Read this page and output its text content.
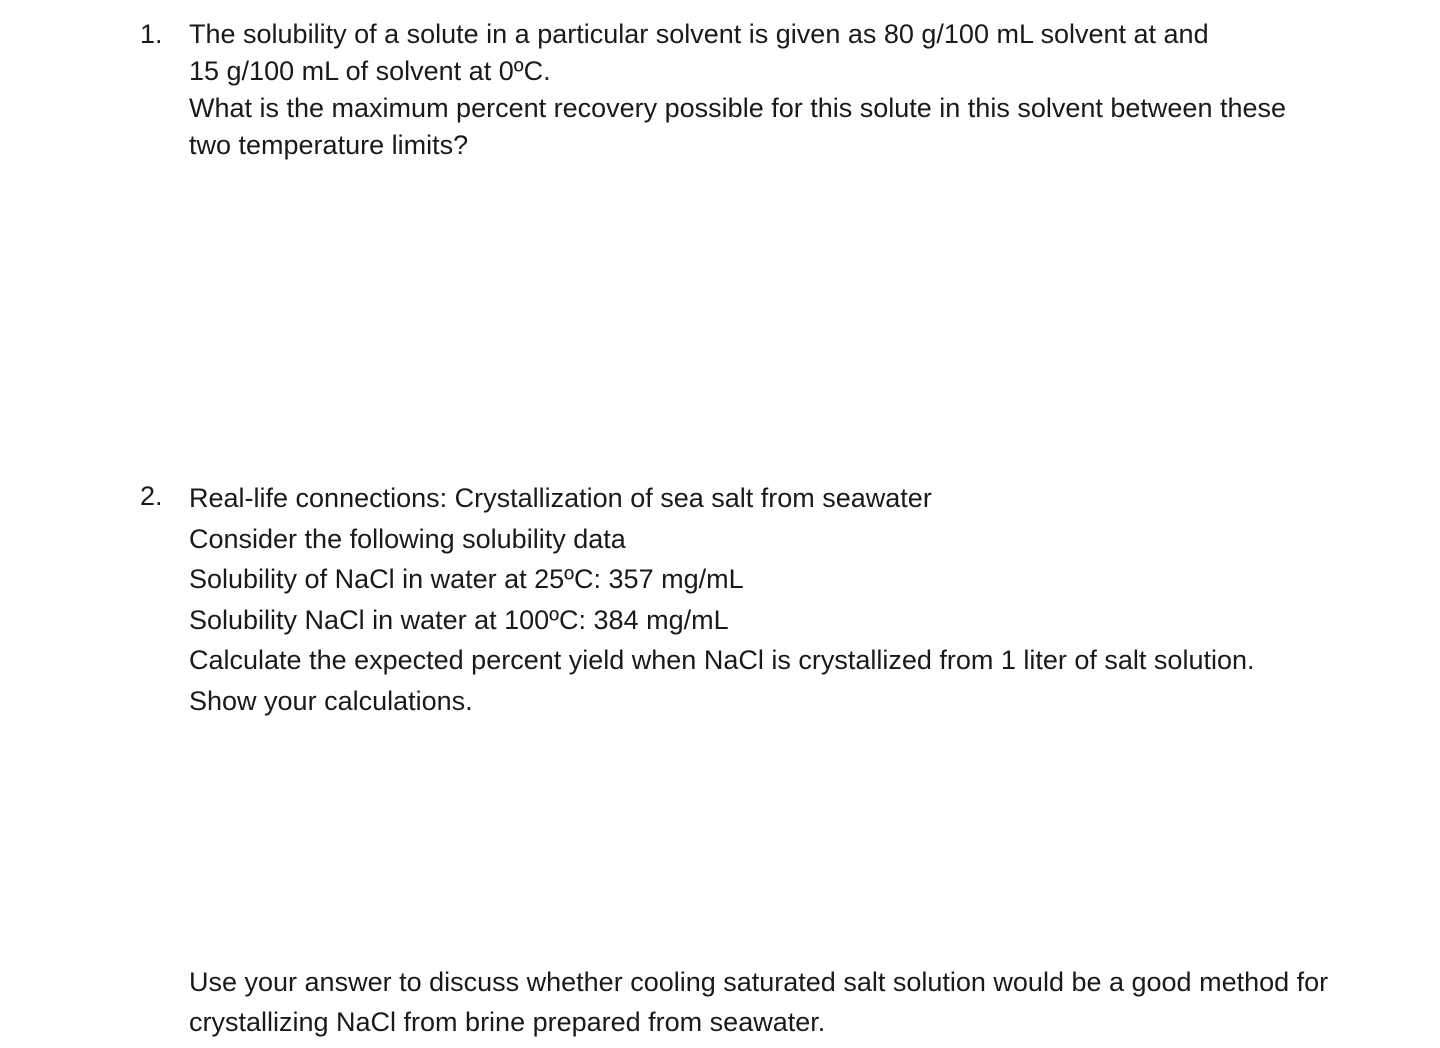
1. The solubility of a solute in a particular solvent is given as 80 g/100 mL solvent at and
15 g/100 mL of solvent at 0ºC.
What is the maximum percent recovery possible for this solute in this solvent between these
two temperature limits?
2. Real-life connections: Crystallization of sea salt from seawater
Consider the following solubility data
Solubility of NaCl in water at 25ºC: 357 mg/mL
Solubility NaCl in water at 100ºC: 384 mg/mL
Calculate the expected percent yield when NaCl is crystallized from 1 liter of salt solution.
Show your calculations.
Use your answer to discuss whether cooling saturated salt solution would be a good method for
crystallizing NaCl from brine prepared from seawater.
